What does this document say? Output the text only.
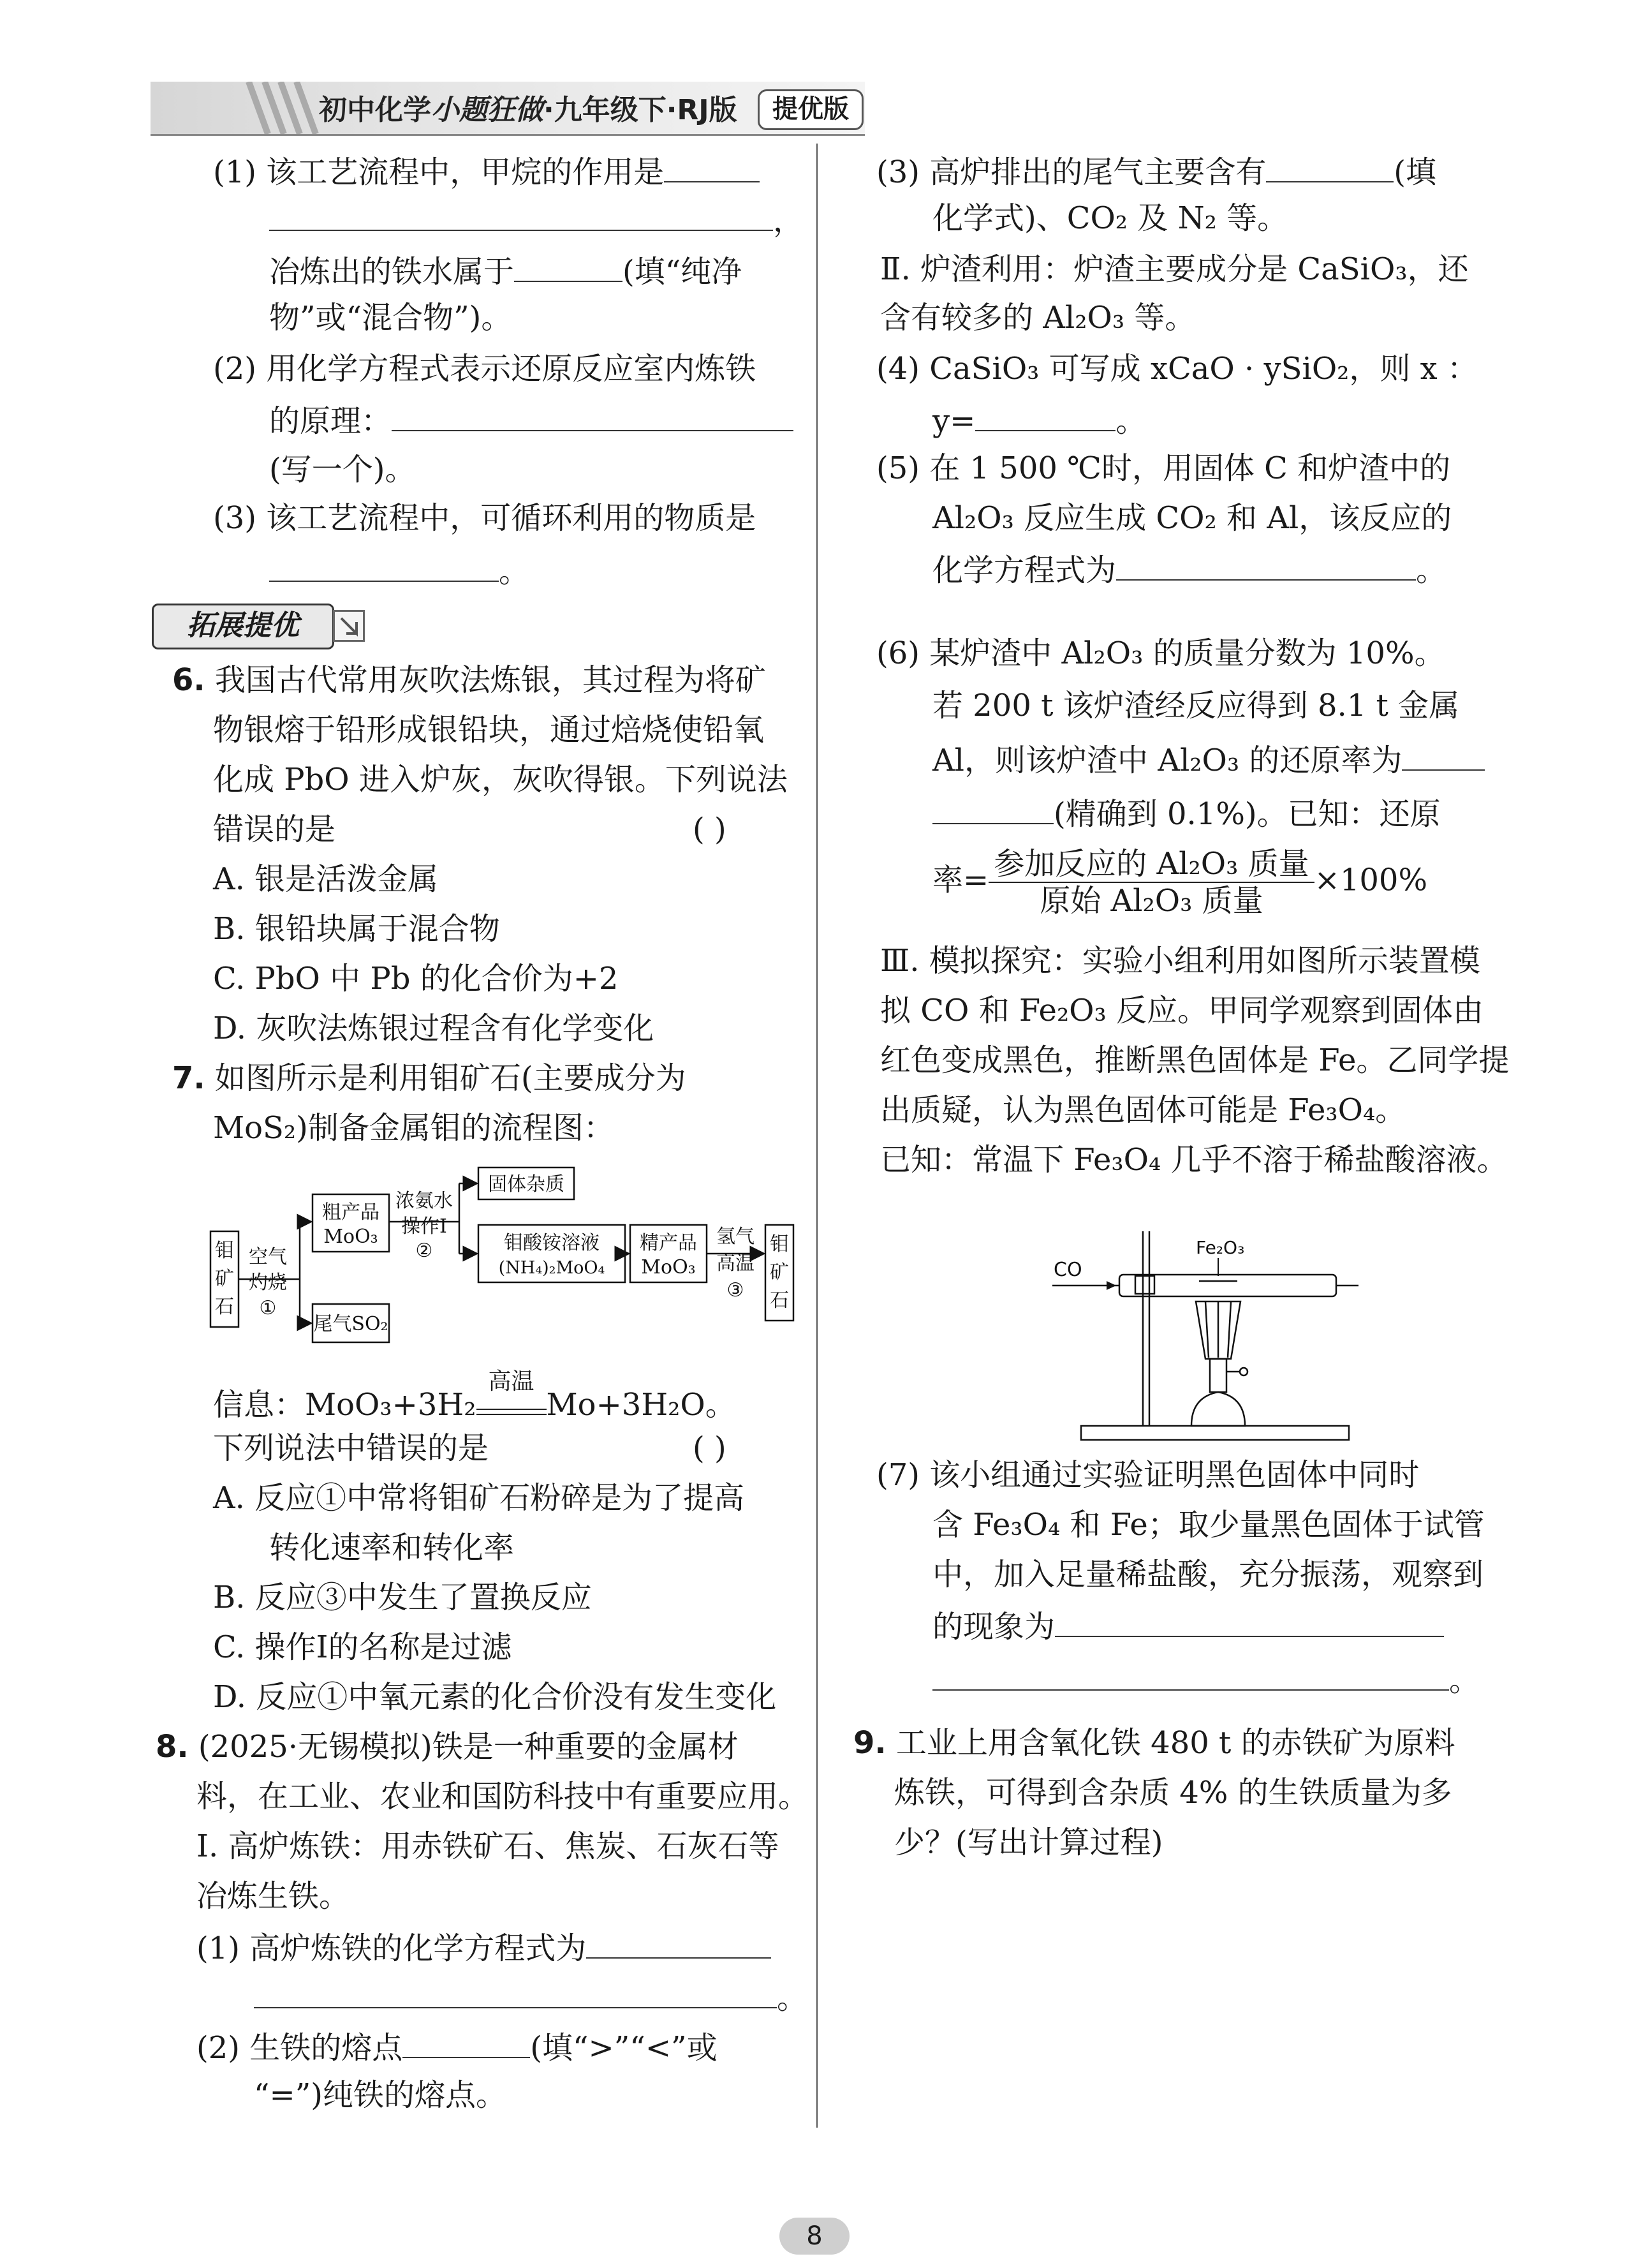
初中化学小题狂做·九年级下·RJ版	提优版
(1) 该工艺流程中，甲烷的作用是
，
冶炼出的铁水属于	(填“纯净
物”或“混合物”)。
(2) 用化学方程式表示还原反应室内炼铁
的原理：
(写一个)。
(3) 该工艺流程中，可循环利用的物质是
。
拓展提优
6. 我国古代常用灰吹法炼银，其过程为将矿
物银熔于铅形成银铅块，通过焙烧使铅氧
化成 PbO 进入炉灰，灰吹得银。下列说法
错误的是	( )
A. 银是活泼金属
B. 银铅块属于混合物
C. PbO 中 Pb 的化合价为+2
D. 灰吹法炼银过程含有化学变化
7. 如图所示是利用钼矿石(主要成分为
MoS₂)制备金属钼的流程图：
钼
矿
石
空气
灼烧
①
粗产品
MoO₃
尾气SO₂
浓氨水
操作Ⅰ
②
固体杂质
钼酸铵溶液
(NH₄)₂MoO₄
精产品
MoO₃
氢气
高温
③
钼
矿
石
信息：MoO₃+3H₂
高温
Mo+3H₂O。
下列说法中错误的是	( )
A. 反应①中常将钼矿石粉碎是为了提高
转化速率和转化率
B. 反应③中发生了置换反应
C. 操作Ⅰ的名称是过滤
D. 反应①中氧元素的化合价没有发生变化
8. (2025·无锡模拟)铁是一种重要的金属材
料，在工业、农业和国防科技中有重要应用。
Ⅰ. 高炉炼铁：用赤铁矿石、焦炭、石灰石等
冶炼生铁。
(1) 高炉炼铁的化学方程式为
。
(2) 生铁的熔点	(填“>”“<”或
“=”)纯铁的熔点。
(3) 高炉排出的尾气主要含有	(填
化学式)、CO₂ 及 N₂ 等。
Ⅱ. 炉渣利用：炉渣主要成分是 CaSiO₃，还
含有较多的 Al₂O₃ 等。
(4) CaSiO₃ 可写成 xCaO · ySiO₂，则 x ：
y=	。
(5) 在 1 500 ℃时，用固体 C 和炉渣中的
Al₂O₃ 反应生成 CO₂ 和 Al，该反应的
化学方程式为	。
(6) 某炉渣中 Al₂O₃ 的质量分数为 10%。
若 200 t 该炉渣经反应得到 8.1 t 金属
Al，则该炉渣中 Al₂O₃ 的还原率为
(精确到 0.1%)。已知：还原
率= $\frac{\text{参加反应的 Al₂O₃ 质量}}{\text{原始 Al₂O₃ 质量}} \times 100\%$
Ⅲ. 模拟探究：实验小组利用如图所示装置模
拟 CO 和 Fe₂O₃ 反应。甲同学观察到固体由
红色变成黑色，推断黑色固体是 Fe。乙同学提
出质疑，认为黑色固体可能是 Fe₃O₄。
已知：常温下 Fe₃O₄ 几乎不溶于稀盐酸溶液。
CO
Fe₂O₃
(7) 该小组通过实验证明黑色固体中同时
含 Fe₃O₄ 和 Fe；取少量黑色固体于试管
中，加入足量稀盐酸，充分振荡，观察到
的现象为
。
9. 工业上用含氧化铁 480 t 的赤铁矿为原料
炼铁，可得到含杂质 4% 的生铁质量为多
少？(写出计算过程)
8
